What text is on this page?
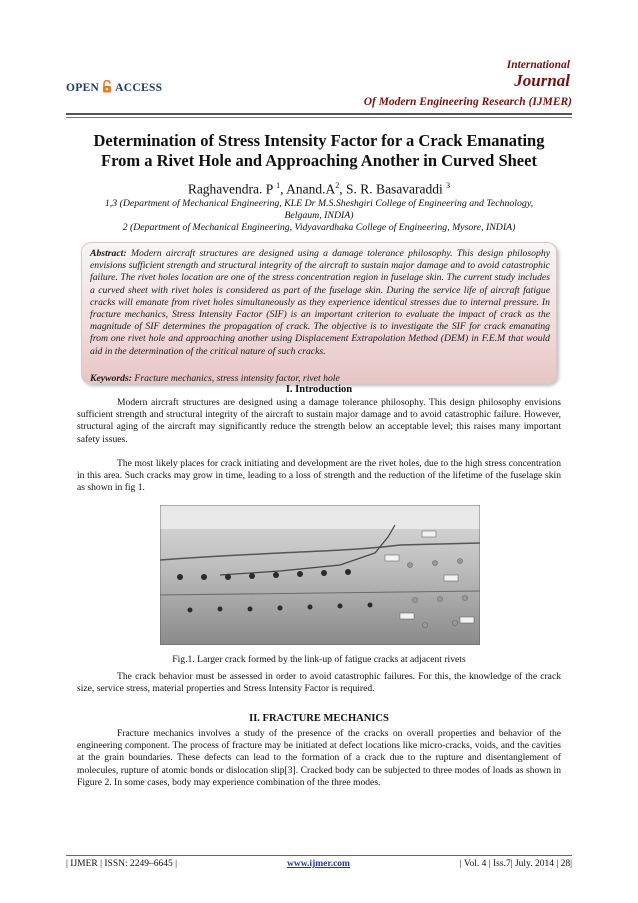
OPEN ACCESS
International
Journal
Of Modern Engineering Research (IJMER)
Determination of Stress Intensity Factor for a Crack Emanating
From a Rivet Hole and Approaching Another in Curved Sheet
Raghavendra. P $^1$, $Anand.A^2$, S. R. Basavaraddi $^3$
1,3 (Department of Mechanical Engineering, KLE Dr M.S.Sheshgiri College of Engineering and Technology,
Belgaum, INDIA)
2 (Department of Mechanical Engineering, Vidyavardhaka College of Engineering, Mysore, INDIA)
Abstract: Modern aircraft structures are designed using a damage tolerance philosophy. This design philosophy envisions sufficient strength and structural integrity of the aircraft to sustain major damage and to avoid catastrophic failure. The rivet holes location are one of the stress concentration region in fuselage skin. The current study includes a curved sheet with rivet holes is considered as part of the fuselage skin. During the service life of aircraft fatigue cracks will emanate from rivet holes simultaneously as they experience identical stresses due to internal pressure. In fracture mechanics, Stress Intensity Factor (SIF) is an important criterion to evaluate the impact of crack as the magnitude of SIF determines the propagation of crack. The objective is to investigate the SIF for crack emanating from one rivet hole and approaching another using Displacement Extrapolation Method (DEM) in F.E.M that would aid in the determination of the critical nature of such cracks.
Keywords: Fracture mechanics, stress intensity factor, rivet hole
I. Introduction
Modern aircraft structures are designed using a damage tolerance philosophy. This design philosophy envisions sufficient strength and structural integrity of the aircraft to sustain major damage and to avoid catastrophic failure. However, structural aging of the aircraft may significantly reduce the strength below an acceptable level; this raises many important safety issues.
The most likely places for crack initiating and development are the rivet holes, due to the high stress concentration in this area. Such cracks may grow in time, leading to a loss of strength and the reduction of the lifetime of the fuselage skin as shown in fig 1.
Fig.1. Larger crack formed by the link-up of fatigue cracks at adjacent rivets
The crack behavior must be assessed in order to avoid catastrophic failures. For this, the knowledge of the crack size, service stress, material properties and Stress Intensity Factor is required.
II. FRACTURE MECHANICS
Fracture mechanics involves a study of the presence of the cracks on overall properties and behavior of the engineering component. The process of fracture may be initiated at defect locations like micro-cracks, voids, and the cavities at the grain boundaries. These defects can lead to the formation of a crack due to the rupture and disentanglement of molecules, rupture of atomic bonds or dislocation slip[3]. Cracked body can be subjected to three modes of loads as shown in Figure 2. In some cases, body may experience combination of the three modes.
| IJMER | ISSN: 2249–6645 |	www.ijmer.com	| Vol. 4 | Iss.7| July. 2014 | 28|
